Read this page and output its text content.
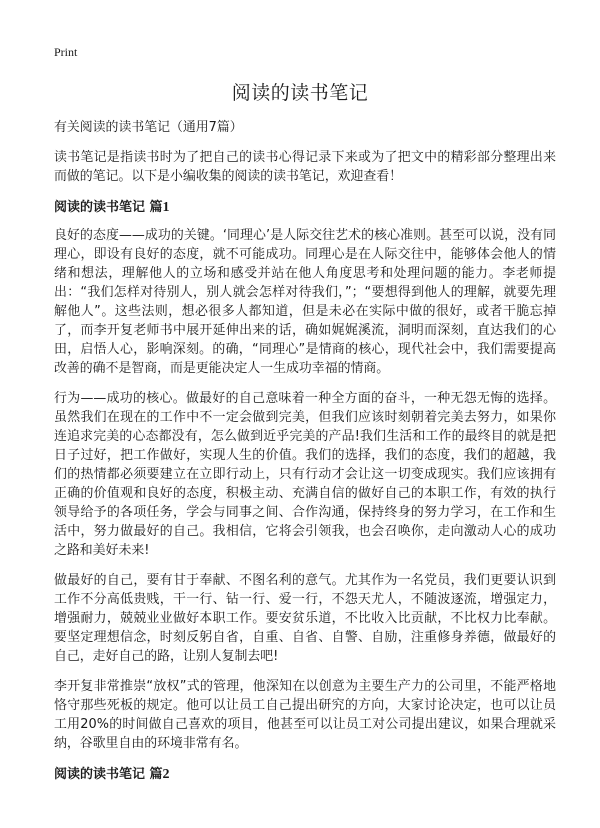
Print
阅读的读书笔记

有关阅读的读书笔记（通用7篇）

读书笔记是指读书时为了把自己的读书心得记录下来或为了把文中的精彩部分整理出来而做的笔记。以下是小编收集的阅读的读书笔记，欢迎查看！

阅读的读书笔记 篇1

良好的态度——成功的关键。‘同理心’是人际交往艺术的核心准则。甚至可以说，没有同理心，即设有良好的态度，就不可能成功。同理心是在人际交往中，能够体会他人的情绪和想法，理解他人的立场和感受并站在他人角度思考和处理问题的能力。李老师提出：“我们怎样对待别人，别人就会怎样对待我们，”；“要想得到他人的理解，就要先理解他人”。这些法则，想必很多人都知道，但是未必在实际中做的很好，或者干脆忘掉了，而李开复老师书中展开延伸出来的话，确如娓娓溪流，洞明而深刻，直达我们的心田，启悟人心，影响深刻。的确，“同理心”是情商的核心，现代社会中，我们需要提高改善的确不是智商，而是更能决定人一生成功幸福的情商。

行为——成功的核心。做最好的自己意味着一种全方面的奋斗，一种无怨无悔的选择。虽然我们在现在的工作中不一定会做到完美，但我们应该时刻朝着完美去努力，如果你连追求完美的心态都没有，怎么做到近乎完美的产品!我们生活和工作的最终目的就是把日子过好，把工作做好，实现人生的价值。我们的选择，我们的态度，我们的超越，我们的热情都必须要建立在立即行动上，只有行动才会让这一切变成现实。我们应该拥有正确的价值观和良好的态度，积极主动、充满自信的做好自己的本职工作，有效的执行领导给予的各项任务，学会与同事之间、合作沟通，保持终身的努力学习，在工作和生活中，努力做最好的自己。我相信，它将会引领我，也会召唤你，走向激动人心的成功之路和美好未来!

做最好的自己，要有甘于奉献、不图名利的意气。尤其作为一名党员，我们更要认识到工作不分高低贵贱，干一行、钻一行、爱一行，不怨天尤人，不随波逐流，增强定力，增强耐力，兢兢业业做好本职工作。要安贫乐道，不比收入比贡献，不比权力比奉献。要坚定理想信念，时刻反躬自省，自重、自省、自警、自励，注重修身养德，做最好的自己，走好自己的路，让别人复制去吧!

李开复非常推崇“放权”式的管理，他深知在以创意为主要生产力的公司里，不能严格地恪守那些死板的规定。他可以让员工自己提出研究的方向，大家讨论决定，也可以让员工用20%的时间做自己喜欢的项目，他甚至可以让员工对公司提出建议，如果合理就采纳，谷歌里自由的环境非常有名。

阅读的读书笔记 篇2
